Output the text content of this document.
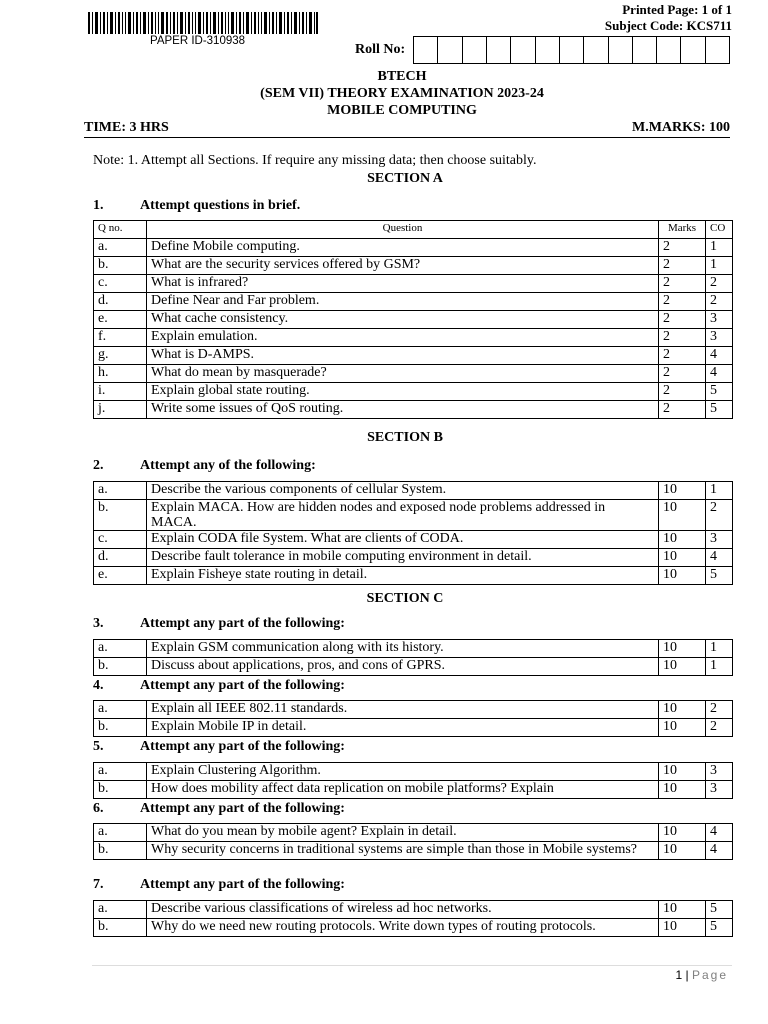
PAPER ID-310938
Printed Page: 1 of 1
Subject Code: KCS711
Roll No:
BTECH
(SEM VII) THEORY EXAMINATION 2023-24
MOBILE COMPUTING
TIME: 3 HRS	M.MARKS: 100
Note: 1. Attempt all Sections. If require any missing data; then choose suitably.
SECTION A
1.	Attempt questions in brief.
Q no.	Question	Marks	CO
a.	Define Mobile computing.	2	1
b.	What are the security services offered by GSM?	2	1
c.	What is infrared?	2	2
d.	Define Near and Far problem.	2	2
e.	What cache consistency.	2	3
f.	Explain emulation.	2	3
g.	What is D-AMPS.	2	4
h.	What do mean by masquerade?	2	4
i.	Explain global state routing.	2	5
j.	Write some issues of QoS routing.	2	5
SECTION B
2.	Attempt any of the following:
a.	Describe the various components of cellular System.	10	1
b.	Explain MACA. How are hidden nodes and exposed node problems addressed in MACA.	10	2
c.	Explain CODA file System. What are clients of CODA.	10	3
d.	Describe fault tolerance in mobile computing environment in detail.	10	4
e.	Explain Fisheye state routing in detail.	10	5
SECTION C
3.	Attempt any part of the following:
a.	Explain GSM communication along with its history.	10	1
b.	Discuss about applications, pros, and cons of GPRS.	10	1
4.	Attempt any part of the following:
a.	Explain all IEEE 802.11 standards.	10	2
b.	Explain Mobile IP in detail.	10	2
5.	Attempt any part of the following:
a.	Explain Clustering Algorithm.	10	3
b.	How does mobility affect data replication on mobile platforms? Explain	10	3
6.	Attempt any part of the following:
a.	What do you mean by mobile agent? Explain in detail.	10	4
b.	Why security concerns in traditional systems are simple than those in Mobile systems?	10	4
7.	Attempt any part of the following:
a.	Describe various classifications of wireless ad hoc networks.	10	5
b.	Why do we need new routing protocols. Write down types of routing protocols.	10	5
1 | Page
